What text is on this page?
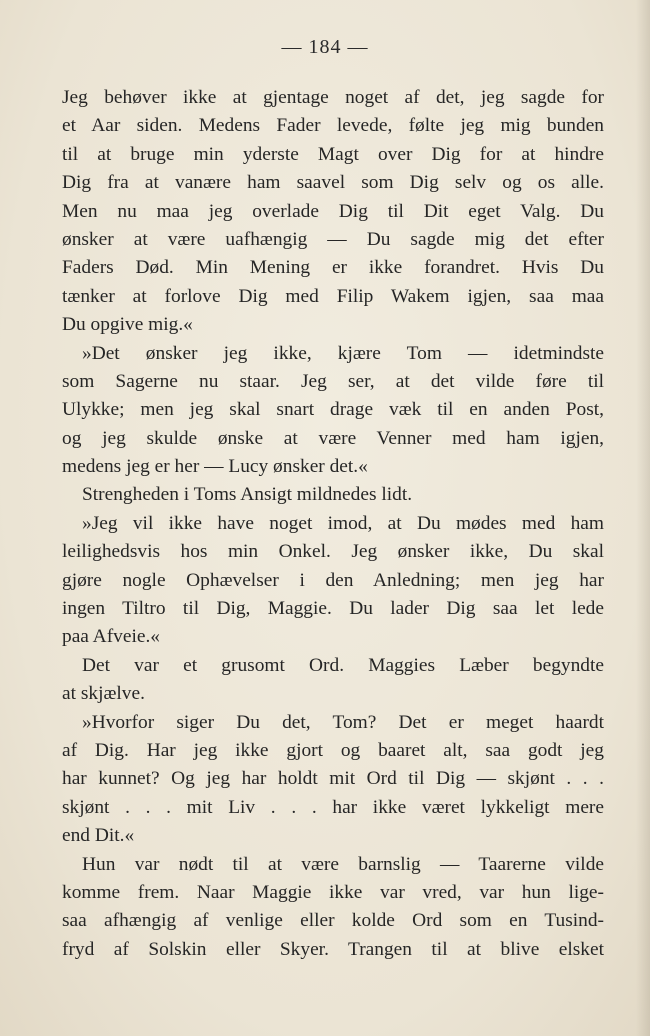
— 184 —
Jeg behøver ikke at gjentage noget af det, jeg sagde for
et Aar siden. Medens Fader levede, følte jeg mig bunden
til at bruge min yderste Magt over Dig for at hindre
Dig fra at vanære ham saavel som Dig selv og os alle.
Men nu maa jeg overlade Dig til Dit eget Valg. Du
ønsker at være uafhængig — Du sagde mig det efter
Faders Død. Min Mening er ikke forandret. Hvis Du
tænker at forlove Dig med Filip Wakem igjen, saa maa
Du opgive mig.«
»Det ønsker jeg ikke, kjære Tom — idetmindste
som Sagerne nu staar. Jeg ser, at det vilde føre til
Ulykke; men jeg skal snart drage væk til en anden Post,
og jeg skulde ønske at være Venner med ham igjen,
medens jeg er her — Lucy ønsker det.«
Strengheden i Toms Ansigt mildnedes lidt.
»Jeg vil ikke have noget imod, at Du mødes med ham
leilighedsvis hos min Onkel. Jeg ønsker ikke, Du skal
gjøre nogle Ophævelser i den Anledning; men jeg har
ingen Tiltro til Dig, Maggie. Du lader Dig saa let lede
paa Afveie.«
Det var et grusomt Ord. Maggies Læber begyndte
at skjælve.
»Hvorfor siger Du det, Tom? Det er meget haardt
af Dig. Har jeg ikke gjort og baaret alt, saa godt jeg
har kunnet? Og jeg har holdt mit Ord til Dig — skjønt . . .
skjønt . . . mit Liv . . . har ikke været lykkeligt mere
end Dit.«
Hun var nødt til at være barnslig — Taarerne vilde
komme frem. Naar Maggie ikke var vred, var hun lige-
saa afhængig af venlige eller kolde Ord som en Tusind-
fryd af Solskin eller Skyer. Trangen til at blive elsket
